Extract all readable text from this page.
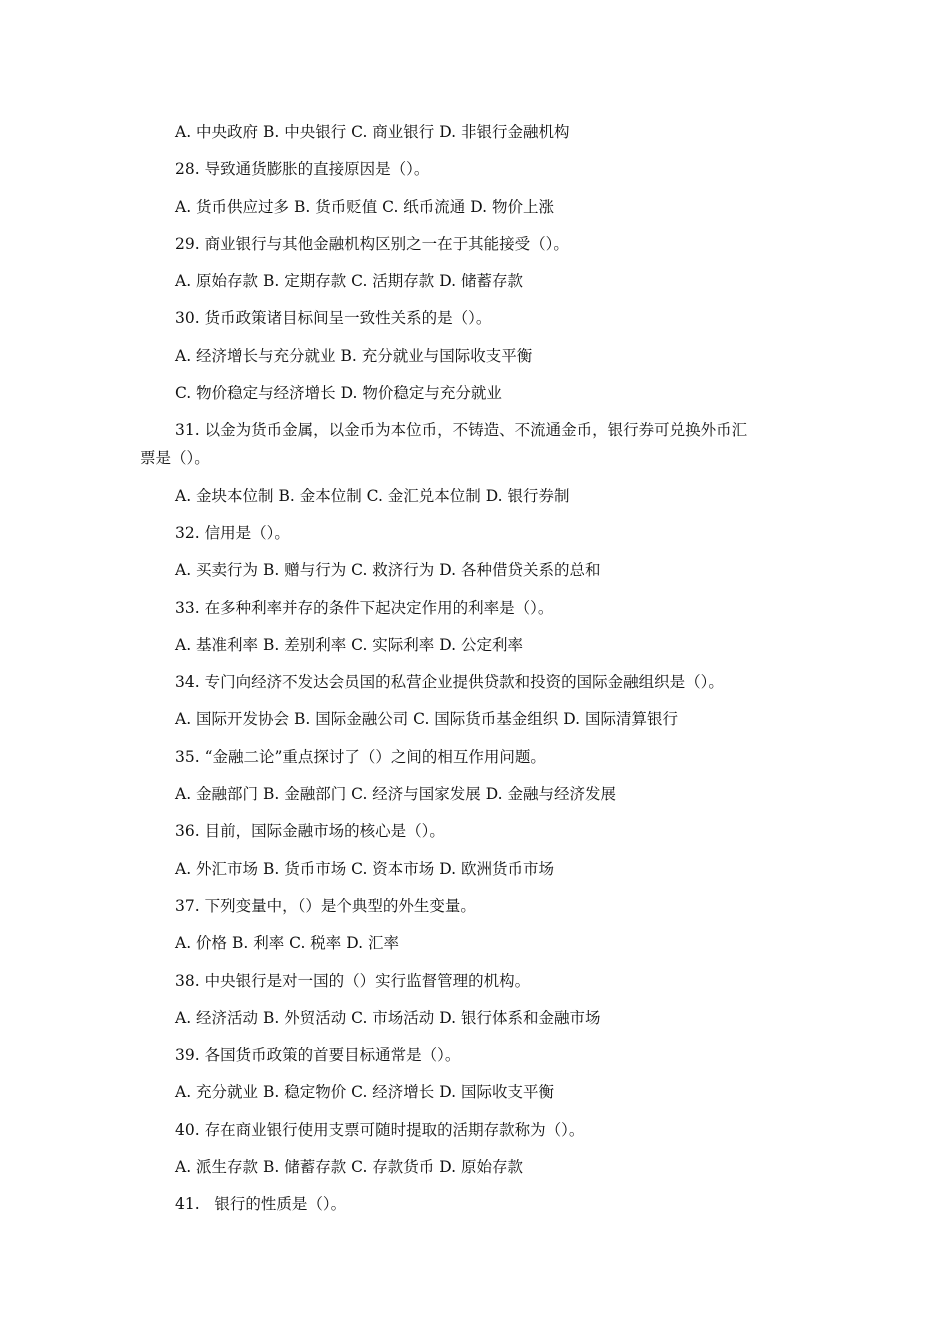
A. 中央政府 B. 中央银行 C. 商业银行 D. 非银行金融机构
28. 导致通货膨胀的直接原因是（）。
A. 货币供应过多 B. 货币贬值 C. 纸币流通 D. 物价上涨
29. 商业银行与其他金融机构区别之一在于其能接受（）。
A. 原始存款 B. 定期存款 C. 活期存款 D. 储蓄存款
30. 货币政策诸目标间呈一致性关系的是（）。
A. 经济增长与充分就业 B. 充分就业与国际收支平衡
C. 物价稳定与经济增长 D. 物价稳定与充分就业
31. 以金为货币金属，以金币为本位币，不铸造、不流通金币，银行券可兑换外币汇
票是（）。
A. 金块本位制 B. 金本位制 C. 金汇兑本位制 D. 银行券制
32. 信用是（）。
A. 买卖行为 B. 赠与行为 C. 救济行为 D. 各种借贷关系的总和
33. 在多种利率并存的条件下起决定作用的利率是（）。
A. 基准利率 B. 差别利率 C. 实际利率 D. 公定利率
34. 专门向经济不发达会员国的私营企业提供贷款和投资的国际金融组织是（）。
A. 国际开发协会 B. 国际金融公司 C. 国际货币基金组织 D. 国际清算银行
35. “金融二论”重点探讨了（）之间的相互作用问题。
A. 金融部门 B. 金融部门 C. 经济与国家发展 D. 金融与经济发展
36. 目前，国际金融市场的核心是（）。
A. 外汇市场 B. 货币市场 C. 资本市场 D. 欧洲货币市场
37. 下列变量中，（）是个典型的外生变量。
A. 价格 B. 利率 C. 税率 D. 汇率
38. 中央银行是对一国的（）实行监督管理的机构。
A. 经济活动 B. 外贸活动 C. 市场活动 D. 银行体系和金融市场
39. 各国货币政策的首要目标通常是（）。
A. 充分就业 B. 稳定物价 C. 经济增长 D. 国际收支平衡
40. 存在商业银行使用支票可随时提取的活期存款称为（）。
A. 派生存款 B. 储蓄存款 C. 存款货币 D. 原始存款
41.   银行的性质是（）。
